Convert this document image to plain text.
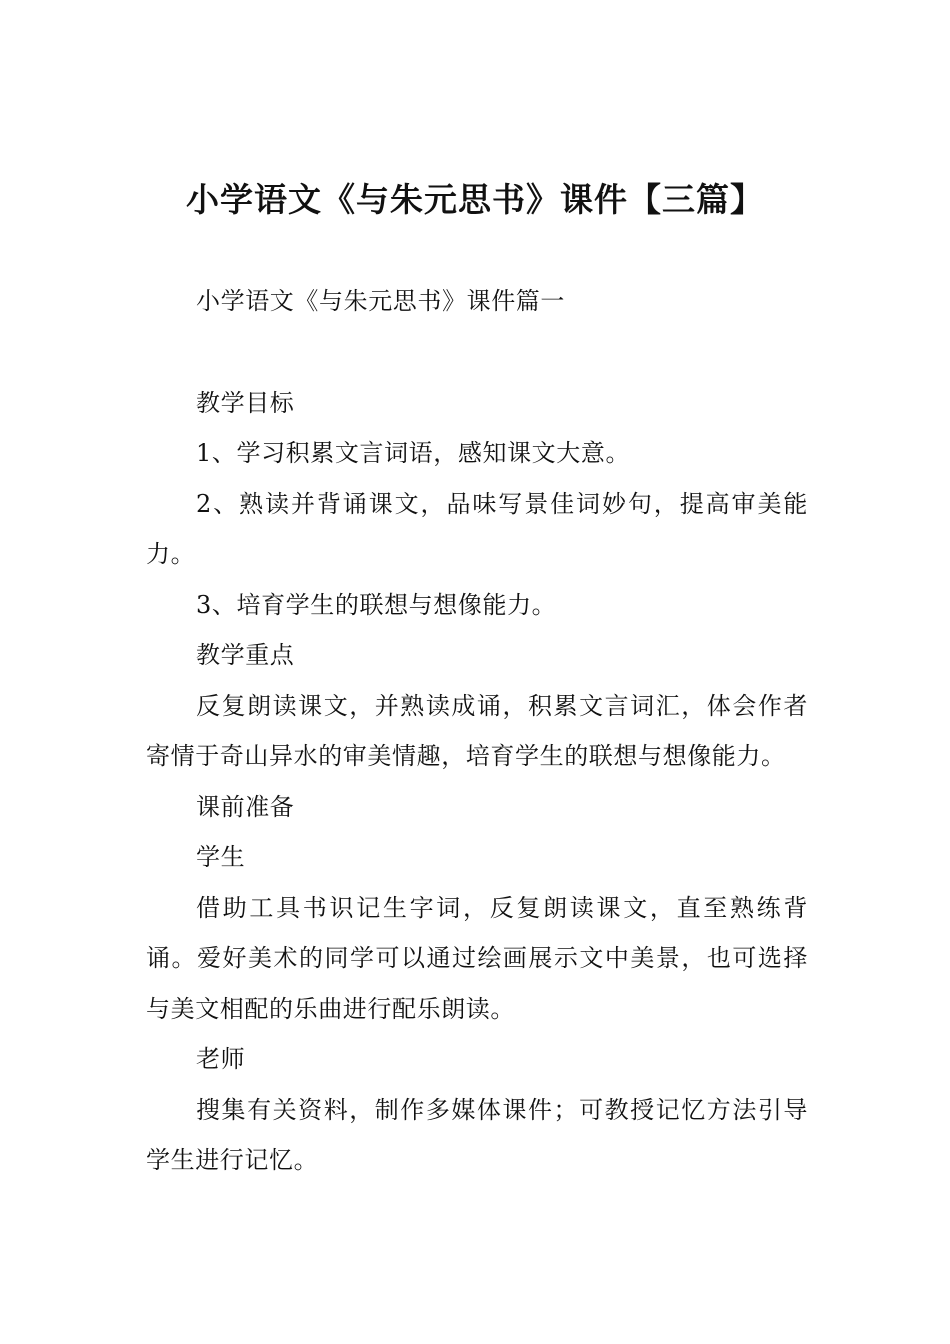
小学语文《与朱元思书》课件【三篇】

小学语文《与朱元思书》课件篇一

教学目标

1、学习积累文言词语，感知课文大意。

2、熟读并背诵课文，品味写景佳词妙句，提高审美能力。

3、培育学生的联想与想像能力。

教学重点

反复朗读课文，并熟读成诵，积累文言词汇，体会作者寄情于奇山异水的审美情趣，培育学生的联想与想像能力。

课前准备

学生

借助工具书识记生字词，反复朗读课文，直至熟练背诵。爱好美术的同学可以通过绘画展示文中美景，也可选择与美文相配的乐曲进行配乐朗读。

老师

搜集有关资料，制作多媒体课件；可教授记忆方法引导学生进行记忆。
